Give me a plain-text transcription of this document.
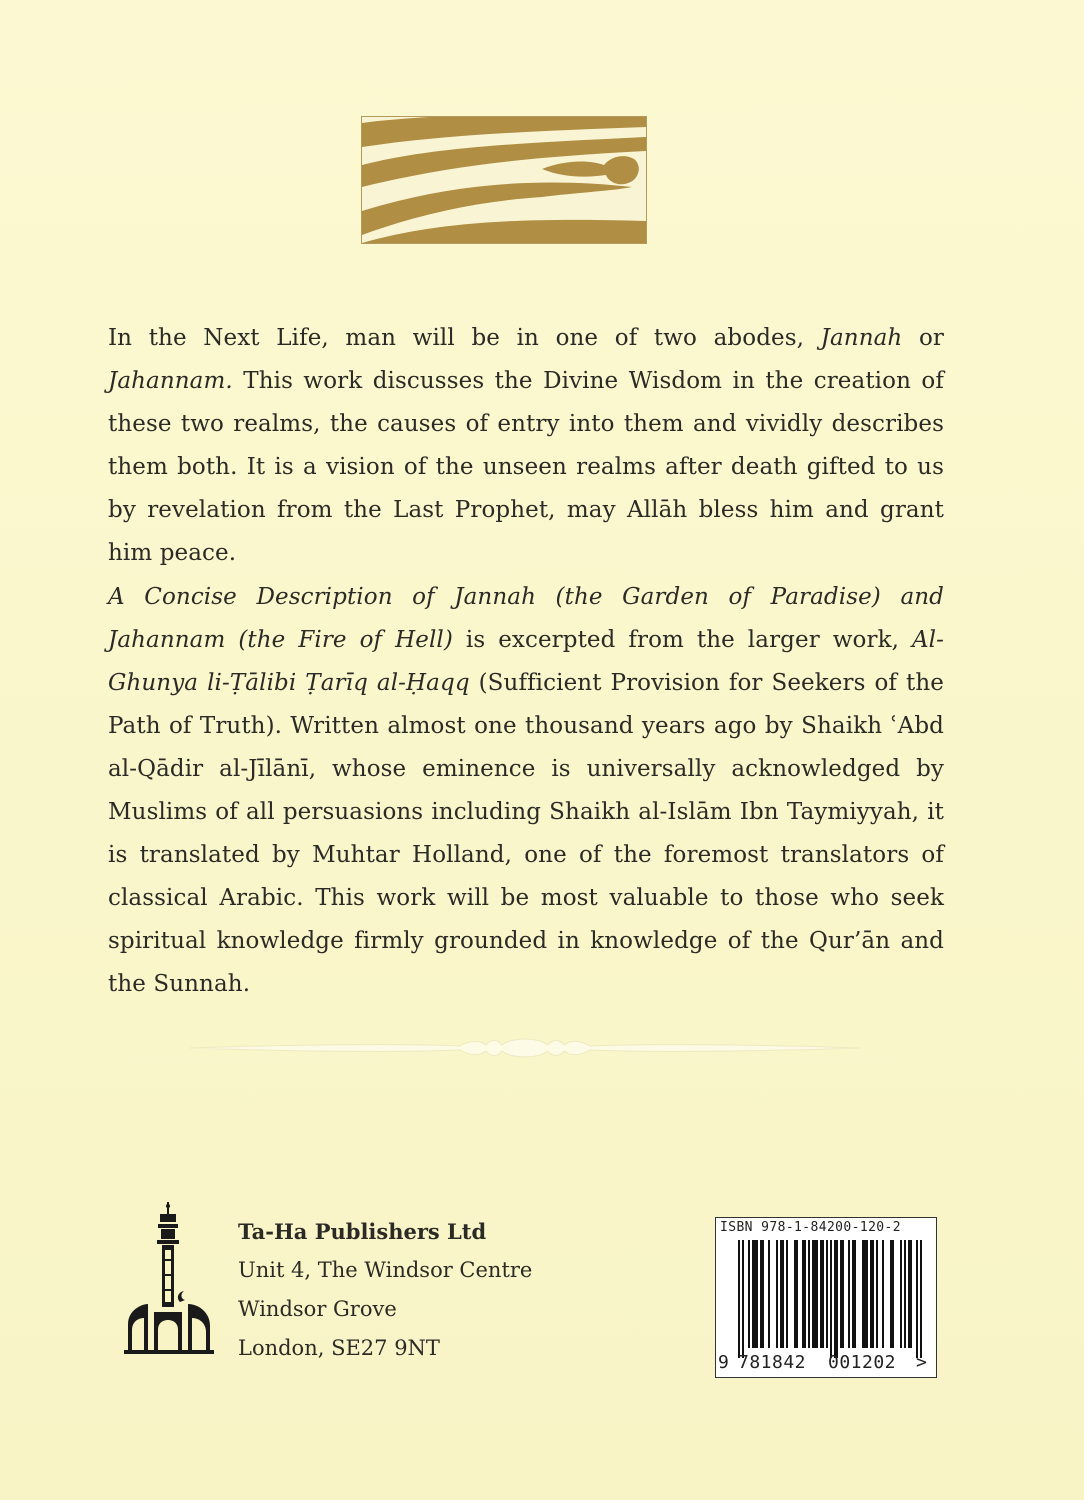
In the Next Life, man will be in one of two abodes, Jannah or Jahannam. This work discusses the Divine Wisdom in the creation of these two realms, the causes of entry into them and vividly describes them both. It is a vision of the unseen realms after death gifted to us by revelation from the Last Prophet, may Allāh bless him and grant him peace.
A Concise Description of Jannah (the Garden of Paradise) and Jahannam (the Fire of Hell) is excerpted from the larger work, Al-Ghunya li-Ṭālibi Ṭarīq al-Ḥaqq (Sufficient Provision for Seekers of the Path of Truth). Written almost one thousand years ago by Shaikh ʿAbd al-Qādir al-Jīlānī, whose eminence is universally acknowledged by Muslims of all persuasions including Shaikh al-Islām Ibn Taymiyyah, it is translated by Muhtar Holland, one of the foremost translators of classical Arabic. This work will be most valuable to those who seek spiritual knowledge firmly grounded in knowledge of the Qur’ān and the Sunnah.
Ta-Ha Publishers Ltd
Unit 4, The Windsor Centre
Windsor Grove
London, SE27 9NT
ISBN 978-1-84200-120-2
9 781842 001202 >
